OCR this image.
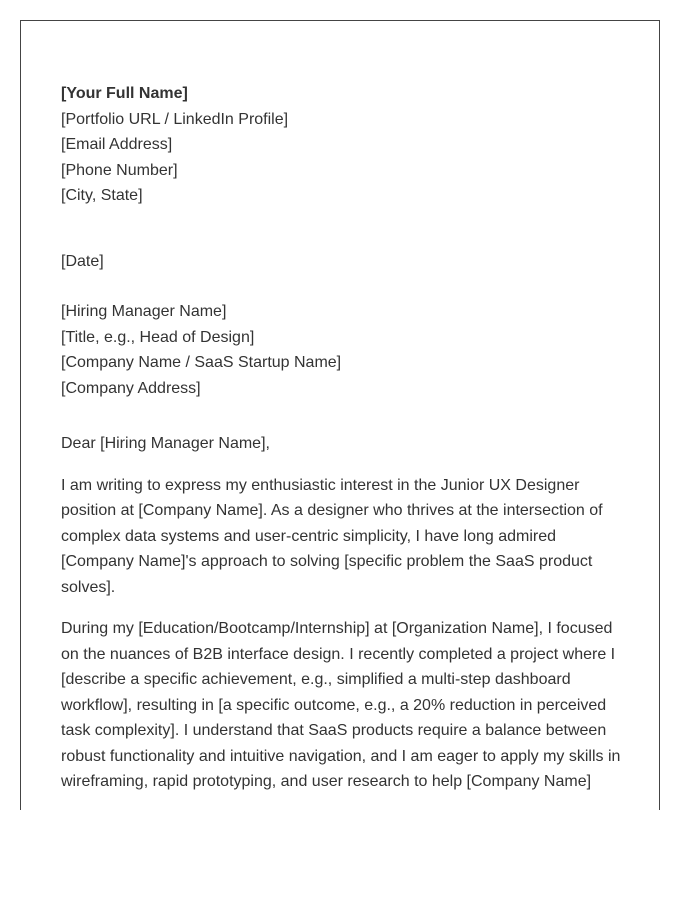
[Your Full Name]
[Portfolio URL / LinkedIn Profile]
[Email Address]
[Phone Number]
[City, State]
[Date]
[Hiring Manager Name]
[Title, e.g., Head of Design]
[Company Name / SaaS Startup Name]
[Company Address]
Dear [Hiring Manager Name],

I am writing to express my enthusiastic interest in the Junior UX Designer position at [Company Name]. As a designer who thrives at the intersection of complex data systems and user-centric simplicity, I have long admired [Company Name]'s approach to solving [specific problem the SaaS product solves].

During my [Education/Bootcamp/Internship] at [Organization Name], I focused on the nuances of B2B interface design. I recently completed a project where I [describe a specific achievement, e.g., simplified a multi-step dashboard workflow], resulting in [a specific outcome, e.g., a 20% reduction in perceived task complexity]. I understand that SaaS products require a balance between robust functionality and intuitive navigation, and I am eager to apply my skills in wireframing, rapid prototyping, and user research to help [Company Name]
